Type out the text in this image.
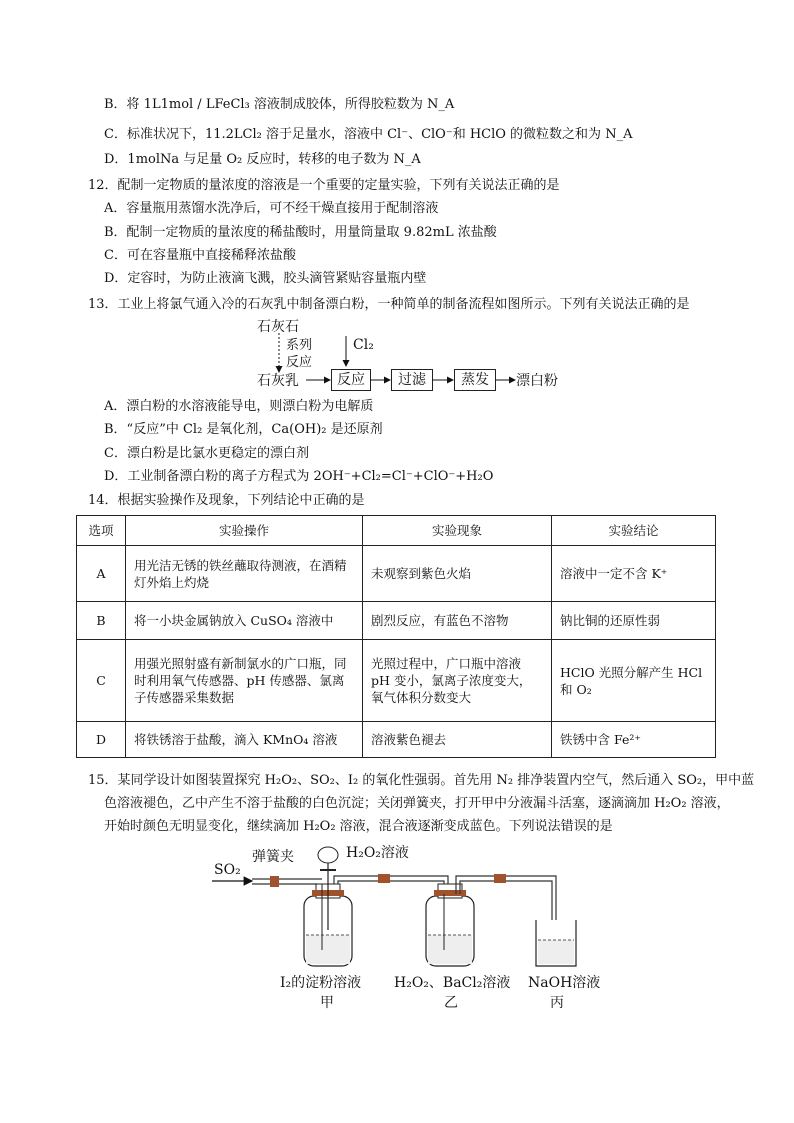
B．将 1L1mol / LFeCl₃ 溶液制成胶体，所得胶粒数为 N_A
C．标准状况下，11.2LCl₂ 溶于足量水，溶液中 Cl⁻、ClO⁻和 HClO 的微粒数之和为 N_A
D．1molNa 与足量 O₂ 反应时，转移的电子数为 N_A
12．配制一定物质的量浓度的溶液是一个重要的定量实验，下列有关说法正确的是
A．容量瓶用蒸馏水洗净后，可不经干燥直接用于配制溶液
B．配制一定物质的量浓度的稀盐酸时，用量筒量取 9.82mL 浓盐酸
C．可在容量瓶中直接稀释浓盐酸
D．定容时，为防止液滴飞溅，胶头滴管紧贴容量瓶内壁
13．工业上将氯气通入冷的石灰乳中制备漂白粉，一种简单的制备流程如图所示。下列有关说法正确的是
石灰石
系列
反应
Cl₂
石灰乳	反应	过滤	蒸发	漂白粉
A．漂白粉的水溶液能导电，则漂白粉为电解质
B．“反应”中 Cl₂ 是氧化剂，Ca(OH)₂ 是还原剂
C．漂白粉是比氯水更稳定的漂白剂
D．工业制备漂白粉的离子方程式为 2OH⁻+Cl₂=Cl⁻+ClO⁻+H₂O
14．根据实验操作及现象，下列结论中正确的是
选项	实验操作	实验现象	实验结论
A	用光洁无锈的铁丝蘸取待测液，在酒精灯外焰上灼烧	未观察到紫色火焰	溶液中一定不含 K⁺
B	将一小块金属钠放入 CuSO₄ 溶液中	剧烈反应，有蓝色不溶物	钠比铜的还原性弱
C	用强光照射盛有新制氯水的广口瓶，同时利用氧气传感器、pH 传感器、氯离子传感器采集数据	光照过程中，广口瓶中溶液 pH 变小，氯离子浓度变大，氧气体积分数变大	HClO 光照分解产生 HCl 和 O₂
D	将铁锈溶于盐酸，滴入 KMnO₄ 溶液	溶液紫色褪去	铁锈中含 Fe²⁺
15．某同学设计如图装置探究 H₂O₂、SO₂、I₂ 的氧化性强弱。首先用 N₂ 排净装置内空气，然后通入 SO₂，甲中蓝
色溶液褪色，乙中产生不溶于盐酸的白色沉淀；关闭弹簧夹，打开甲中分液漏斗活塞，逐滴滴加 H₂O₂ 溶液，
开始时颜色无明显变化，继续滴加 H₂O₂ 溶液，混合液逐渐变成蓝色。下列说法错误的是
SO₂
弹簧夹	H₂O₂溶液
I₂的淀粉溶液
甲
H₂O₂、BaCl₂溶液
乙
NaOH溶液
丙
